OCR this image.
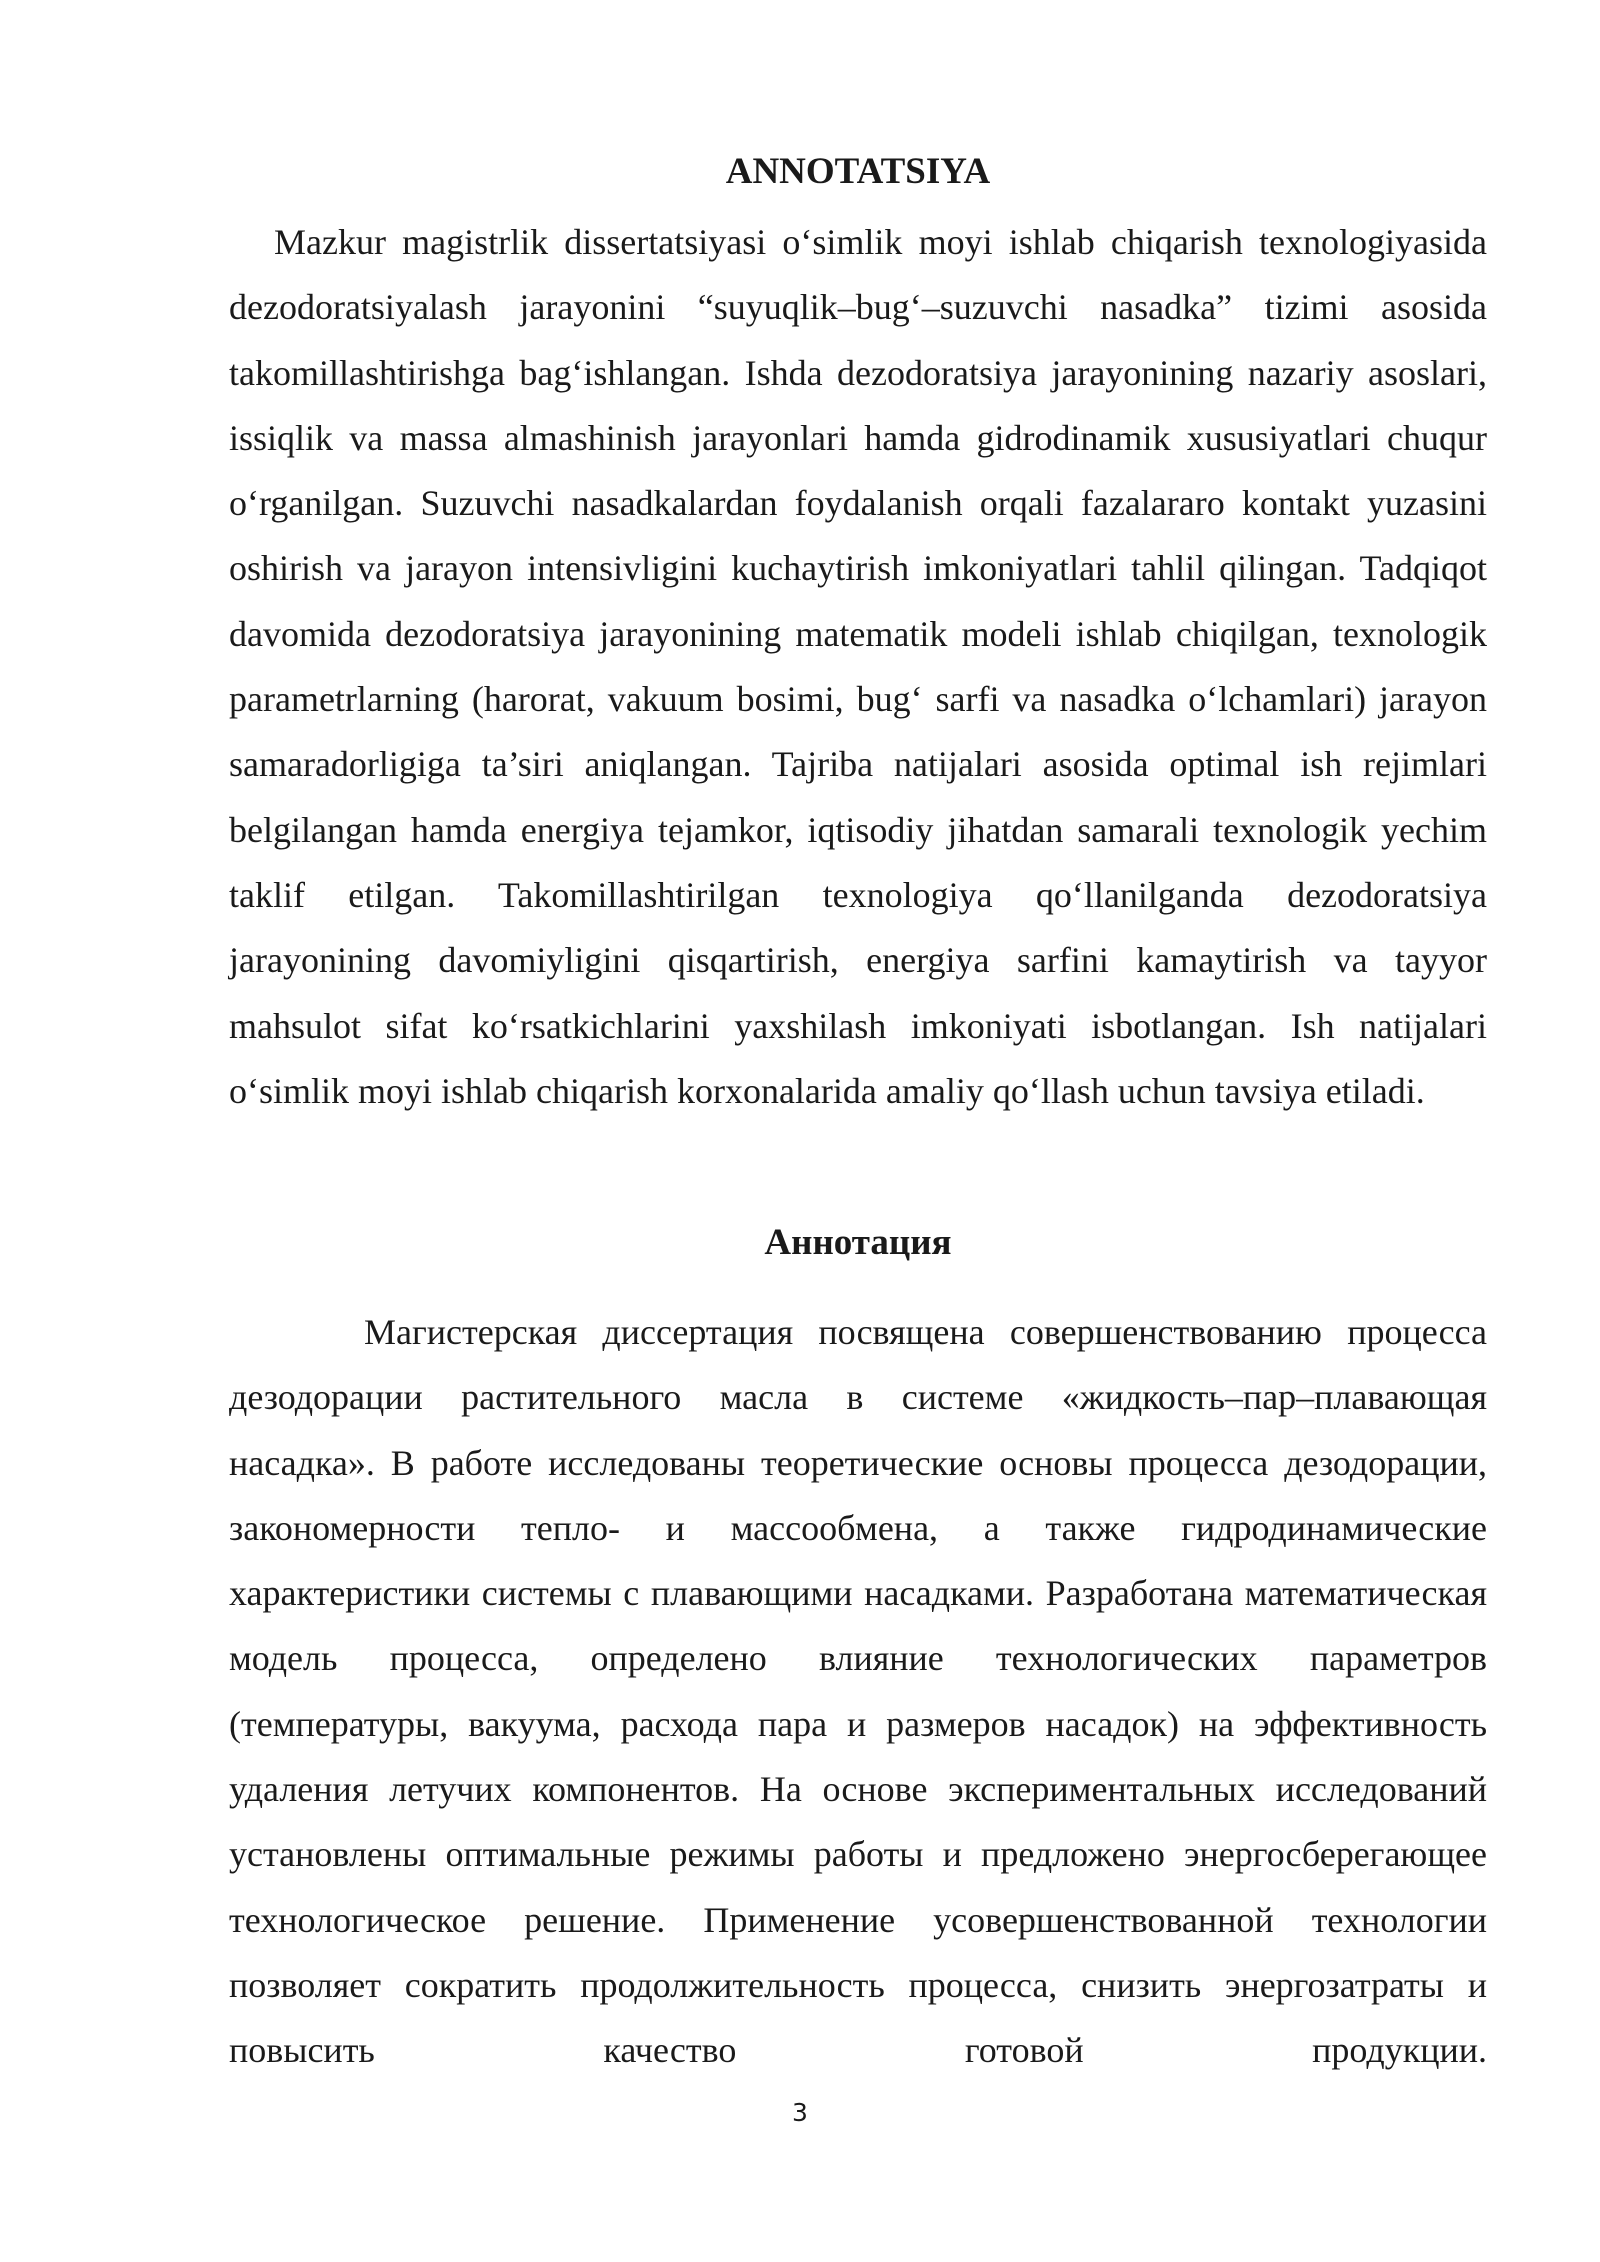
ANNOTATSIYA

Mazkur magistrlik dissertatsiyasi o‘simlik moyi ishlab chiqarish texnologiyasida dezodoratsiyalash jarayonini “suyuqlik–bug‘–suzuvchi nasadka” tizimi asosida takomillashtirishga bag‘ishlangan. Ishda dezodoratsiya jarayonining nazariy asoslari, issiqlik va massa almashinish jarayonlari hamda gidrodinamik xususiyatlari chuqur o‘rganilgan. Suzuvchi nasadkalardan foydalanish orqali fazalararo kontakt yuzasini oshirish va jarayon intensivligini kuchaytirish imkoniyatlari tahlil qilingan. Tadqiqot davomida dezodoratsiya jarayonining matematik modeli ishlab chiqilgan, texnologik parametrlarning (harorat, vakuum bosimi, bug‘ sarfi va nasadka o‘lchamlari) jarayon samaradorligiga ta’siri aniqlangan. Tajriba natijalari asosida optimal ish rejimlari belgilangan hamda energiya tejamkor, iqtisodiy jihatdan samarali texnologik yechim taklif etilgan. Takomillashtirilgan texnologiya qo‘llanilganda dezodoratsiya jarayonining davomiyligini qisqartirish, energiya sarfini kamaytirish va tayyor mahsulot sifat ko‘rsatkichlarini yaxshilash imkoniyati isbotlangan. Ish natijalari o‘simlik moyi ishlab chiqarish korxonalarida amaliy qo‘llash uchun tavsiya etiladi.

Аннотация

Магистерская диссертация посвящена совершенствованию процесса дезодорации растительного масла в системе «жидкость–пар–плавающая насадка». В работе исследованы теоретические основы процесса дезодорации, закономерности тепло- и массообмена, а также гидродинамические характеристики системы с плавающими насадками. Разработана математическая модель процесса, определено влияние технологических параметров (температуры, вакуума, расхода пара и размеров насадок) на эффективность удаления летучих компонентов. На основе экспериментальных исследований установлены оптимальные режимы работы и предложено энергосберегающее технологическое решение. Применение усовершенствованной технологии позволяет сократить продолжительность процесса, снизить энергозатраты и повысить качество готовой продукции.

3
